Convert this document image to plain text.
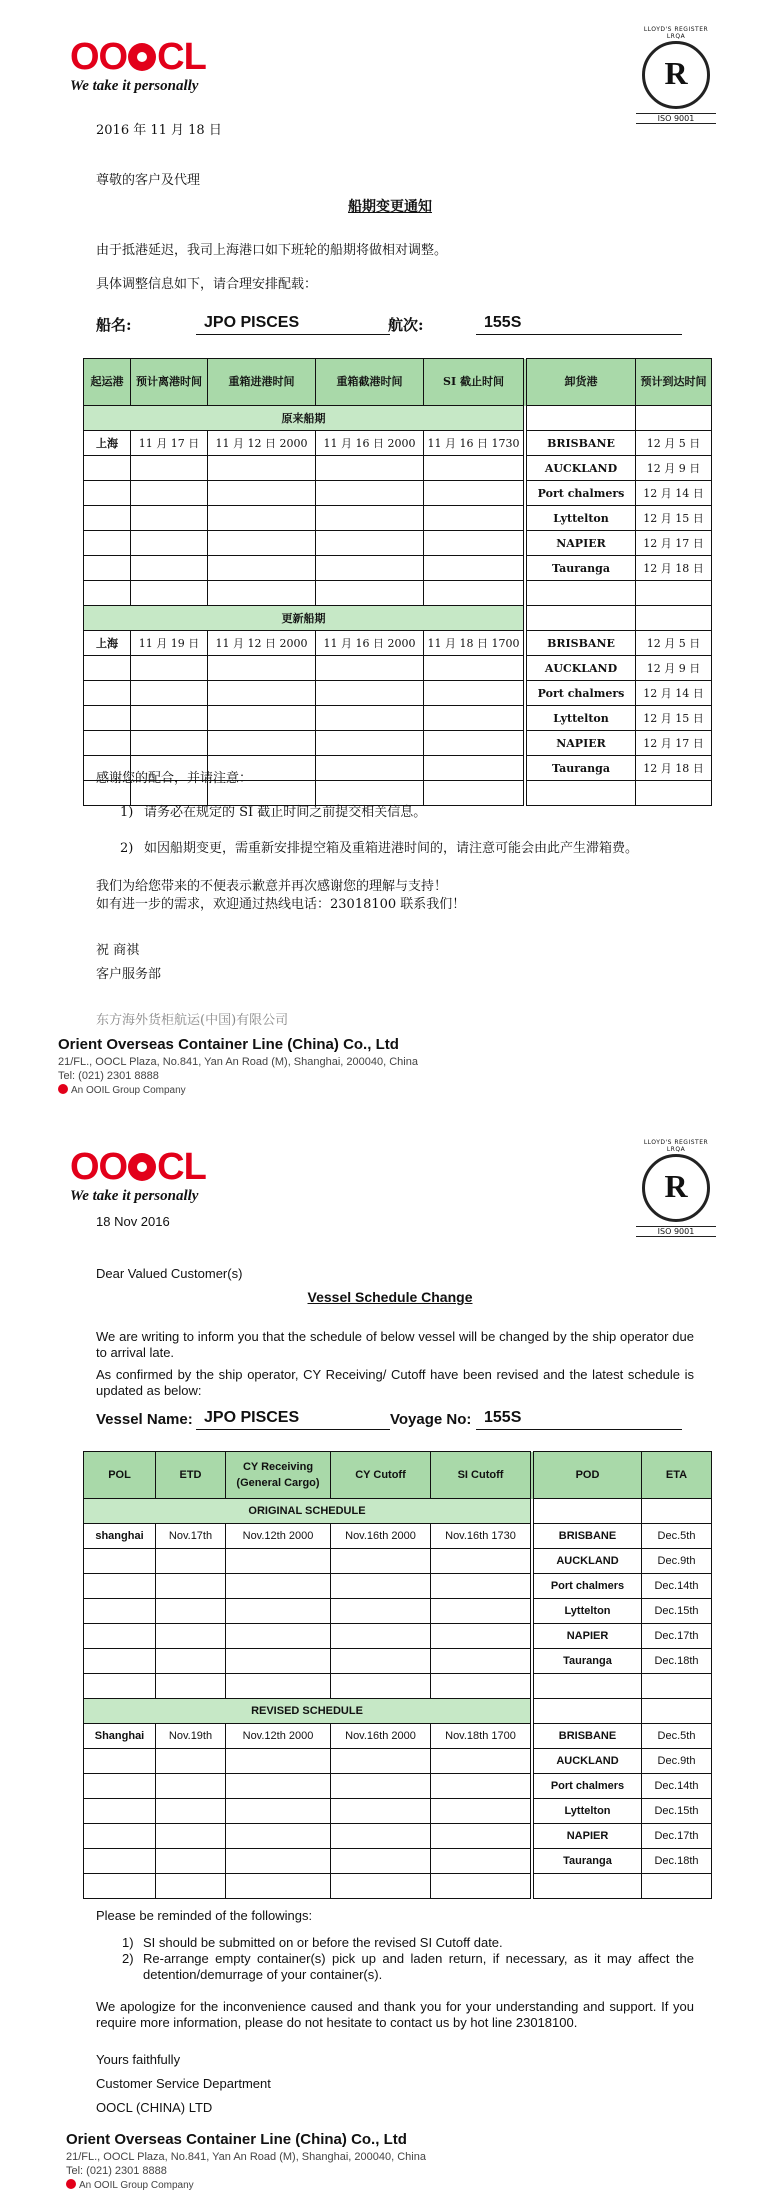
OO CL
We take it personally
LLOYD'S REGISTER LRQA
R
ISO 9001
2016 年 11 月 18 日
尊敬的客户及代理
船期变更通知
由于抵港延迟，我司上海港口如下班轮的船期将做相对调整。
具体调整信息如下，请合理安排配载：
船名:	JPO PISCES	航次:	155S
起运港	预计离港时间	重箱进港时间	重箱截港时间	SI 截止时间		卸货港	预计到达时间
原来船期							
上海	11 月 17 日	11 月 12 日 2000	11 月 16 日 2000	11 月 16 日 1730		BRISBANE	12 月 5 日
						AUCKLAND	12 月 9 日
						Port chalmers	12 月 14 日
						Lyttelton	12 月 15 日
						NAPIER	12 月 17 日
						Tauranga	12 月 18 日

更新船期							
上海	11 月 19 日	11 月 12 日 2000	11 月 16 日 2000	11 月 18 日 1700		BRISBANE	12 月 5 日
						AUCKLAND	12 月 9 日
						Port chalmers	12 月 14 日
						Lyttelton	12 月 15 日
						NAPIER	12 月 17 日
						Tauranga	12 月 18 日

感谢您的配合，并请注意：
1) 请务必在规定的 SI 截止时间之前提交相关信息。
2) 如因船期变更，需重新安排提空箱及重箱进港时间的，请注意可能会由此产生滞箱费。
我们为给您带来的不便表示歉意并再次感谢您的理解与支持！
如有进一步的需求，欢迎通过热线电话：23018100 联系我们！
祝 商祺
客户服务部
东方海外货柜航运(中国)有限公司
Orient Overseas Container Line (China) Co., Ltd
21/FL., OOCL Plaza, No.841, Yan An Road (M), Shanghai, 200040, China
Tel: (021) 2301 8888
An OOIL Group Company
OO CL
We take it personally
LLOYD'S REGISTER LRQA
R
ISO 9001
18 Nov 2016
Dear Valued Customer(s)
Vessel Schedule Change
We are writing to inform you that the schedule of below vessel will be changed by the ship operator due to arrival late.
As confirmed by the ship operator, CY Receiving/ Cutoff have been revised and the latest schedule is updated as below:
Vessel Name: JPO PISCES	Voyage No: 155S
POL	ETD	CY Receiving (General Cargo)	CY Cutoff	SI Cutoff		POD	ETA
ORIGINAL SCHEDULE							
shanghai	Nov.17th	Nov.12th 2000	Nov.16th 2000	Nov.16th 1730		BRISBANE	Dec.5th
						AUCKLAND	Dec.9th
						Port chalmers	Dec.14th
						Lyttelton	Dec.15th
						NAPIER	Dec.17th
						Tauranga	Dec.18th

REVISED SCHEDULE							
Shanghai	Nov.19th	Nov.12th 2000	Nov.16th 2000	Nov.18th 1700		BRISBANE	Dec.5th
						AUCKLAND	Dec.9th
						Port chalmers	Dec.14th
						Lyttelton	Dec.15th
						NAPIER	Dec.17th
						Tauranga	Dec.18th

Please be reminded of the followings:
1) SI should be submitted on or before the revised SI Cutoff date.
2) Re-arrange empty container(s) pick up and laden return, if necessary, as it may affect the detention/demurrage of your container(s).
We apologize for the inconvenience caused and thank you for your understanding and support. If you require more information, please do not hesitate to contact us by hot line 23018100.
Yours faithfully
Customer Service Department
OOCL (CHINA) LTD
Orient Overseas Container Line (China) Co., Ltd
21/FL., OOCL Plaza, No.841, Yan An Road (M), Shanghai, 200040, China
Tel: (021) 2301 8888
An OOIL Group Company
